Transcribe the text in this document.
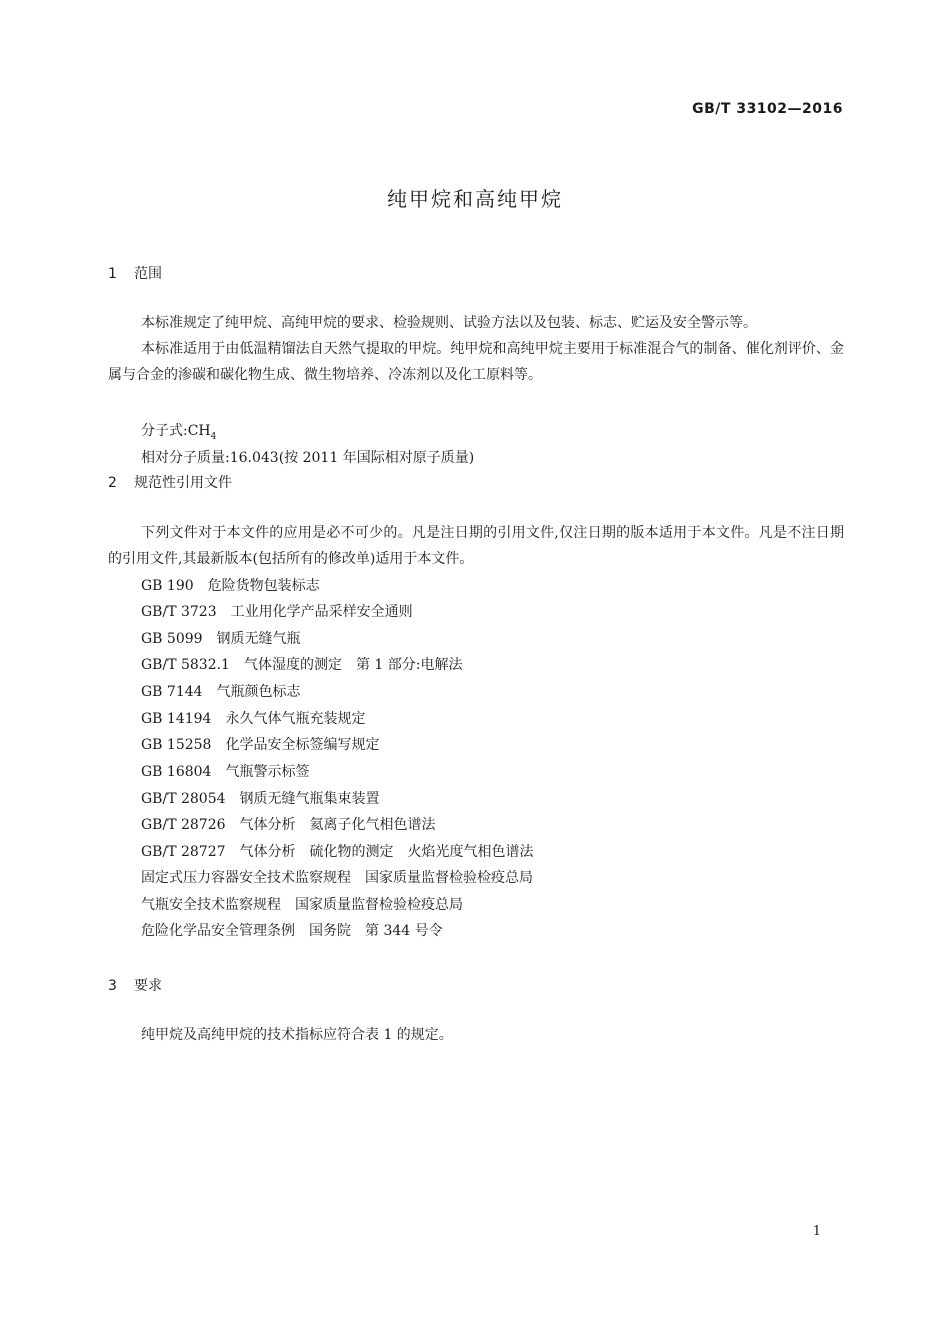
GB/T 33102—2016
纯甲烷和高纯甲烷
1 范围
本标准规定了纯甲烷、高纯甲烷的要求、检验规则、试验方法以及包装、标志、贮运及安全警示等。
本标准适用于由低温精馏法自天然气提取的甲烷。纯甲烷和高纯甲烷主要用于标准混合气的制备、催化剂评价、金属与合金的渗碳和碳化物生成、微生物培养、冷冻剂以及化工原料等。
分子式$:CH_4$
相对分子质量:16.043(按 2011 年国际相对原子质量)
2 规范性引用文件
下列文件对于本文件的应用是必不可少的。凡是注日期的引用文件,仅注日期的版本适用于本文件。凡是不注日期的引用文件,其最新版本(包括所有的修改单)适用于本文件。
GB 190　危险货物包装标志
GB/T 3723　工业用化学产品采样安全通则
GB 5099　钢质无缝气瓶
GB/T 5832.1　气体湿度的测定　第 1 部分:电解法
GB 7144　气瓶颜色标志
GB 14194　永久气体气瓶充装规定
GB 15258　化学品安全标签编写规定
GB 16804　气瓶警示标签
GB/T 28054　钢质无缝气瓶集束装置
GB/T 28726　气体分析　氦离子化气相色谱法
GB/T 28727　气体分析　硫化物的测定　火焰光度气相色谱法
固定式压力容器安全技术监察规程　国家质量监督检验检疫总局
气瓶安全技术监察规程　国家质量监督检验检疫总局
危险化学品安全管理条例　国务院　第 344 号令
3 要求
纯甲烷及高纯甲烷的技术指标应符合表 1 的规定。
1
